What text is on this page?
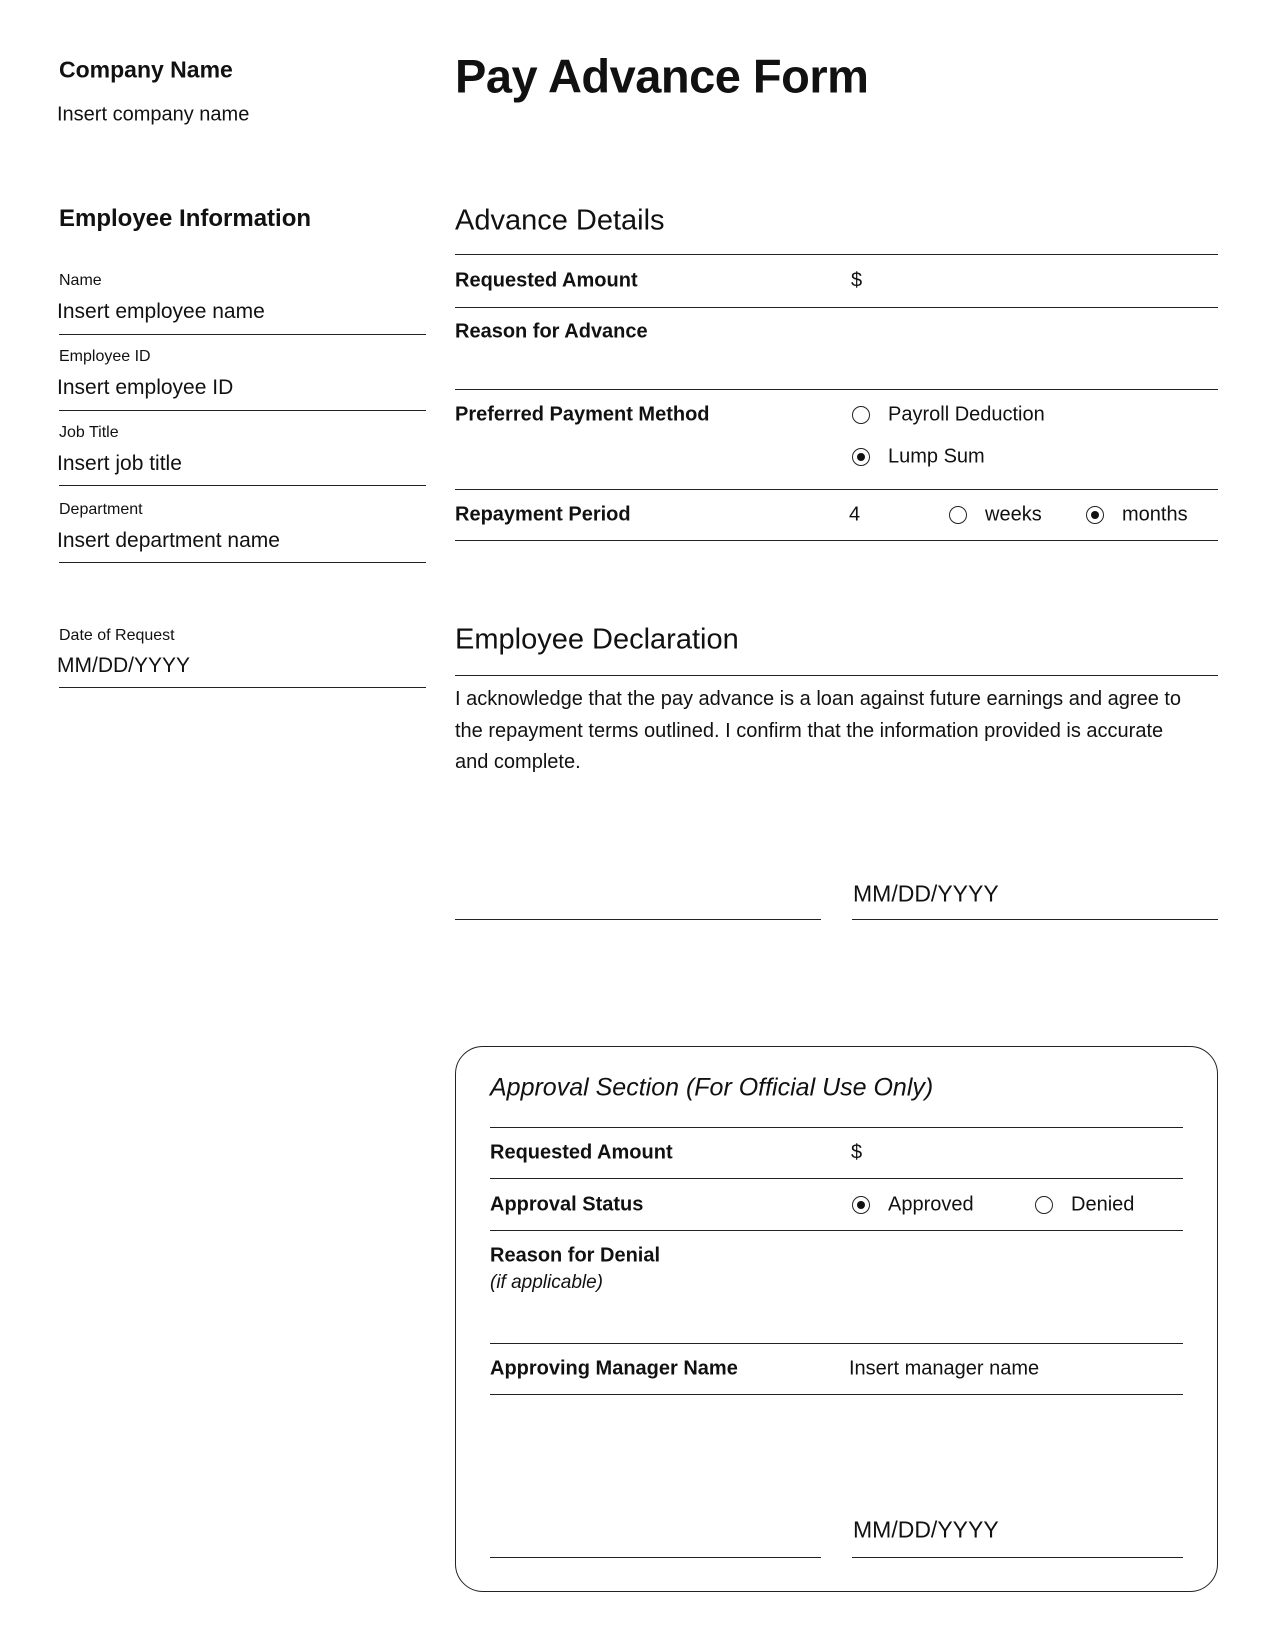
Company Name
Insert company name
Pay Advance Form
Employee Information
Name
Insert employee name
Employee ID
Insert employee ID
Job Title
Insert job title
Department
Insert department name
Date of Request
MM/DD/YYYY
Advance Details
Requested Amount	$
Reason for Advance
Preferred Payment Method	Payroll Deduction
Lump Sum
Repayment Period	4	weeks	months
Employee Declaration
I acknowledge that the pay advance is a loan against future earnings and agree to the repayment terms outlined. I confirm that the information provided is accurate and complete.
MM/DD/YYYY
Approval Section (For Official Use Only)
Requested Amount	$
Approval Status	Approved	Denied
Reason for Denial
(if applicable)
Approving Manager Name	Insert manager name
MM/DD/YYYY
